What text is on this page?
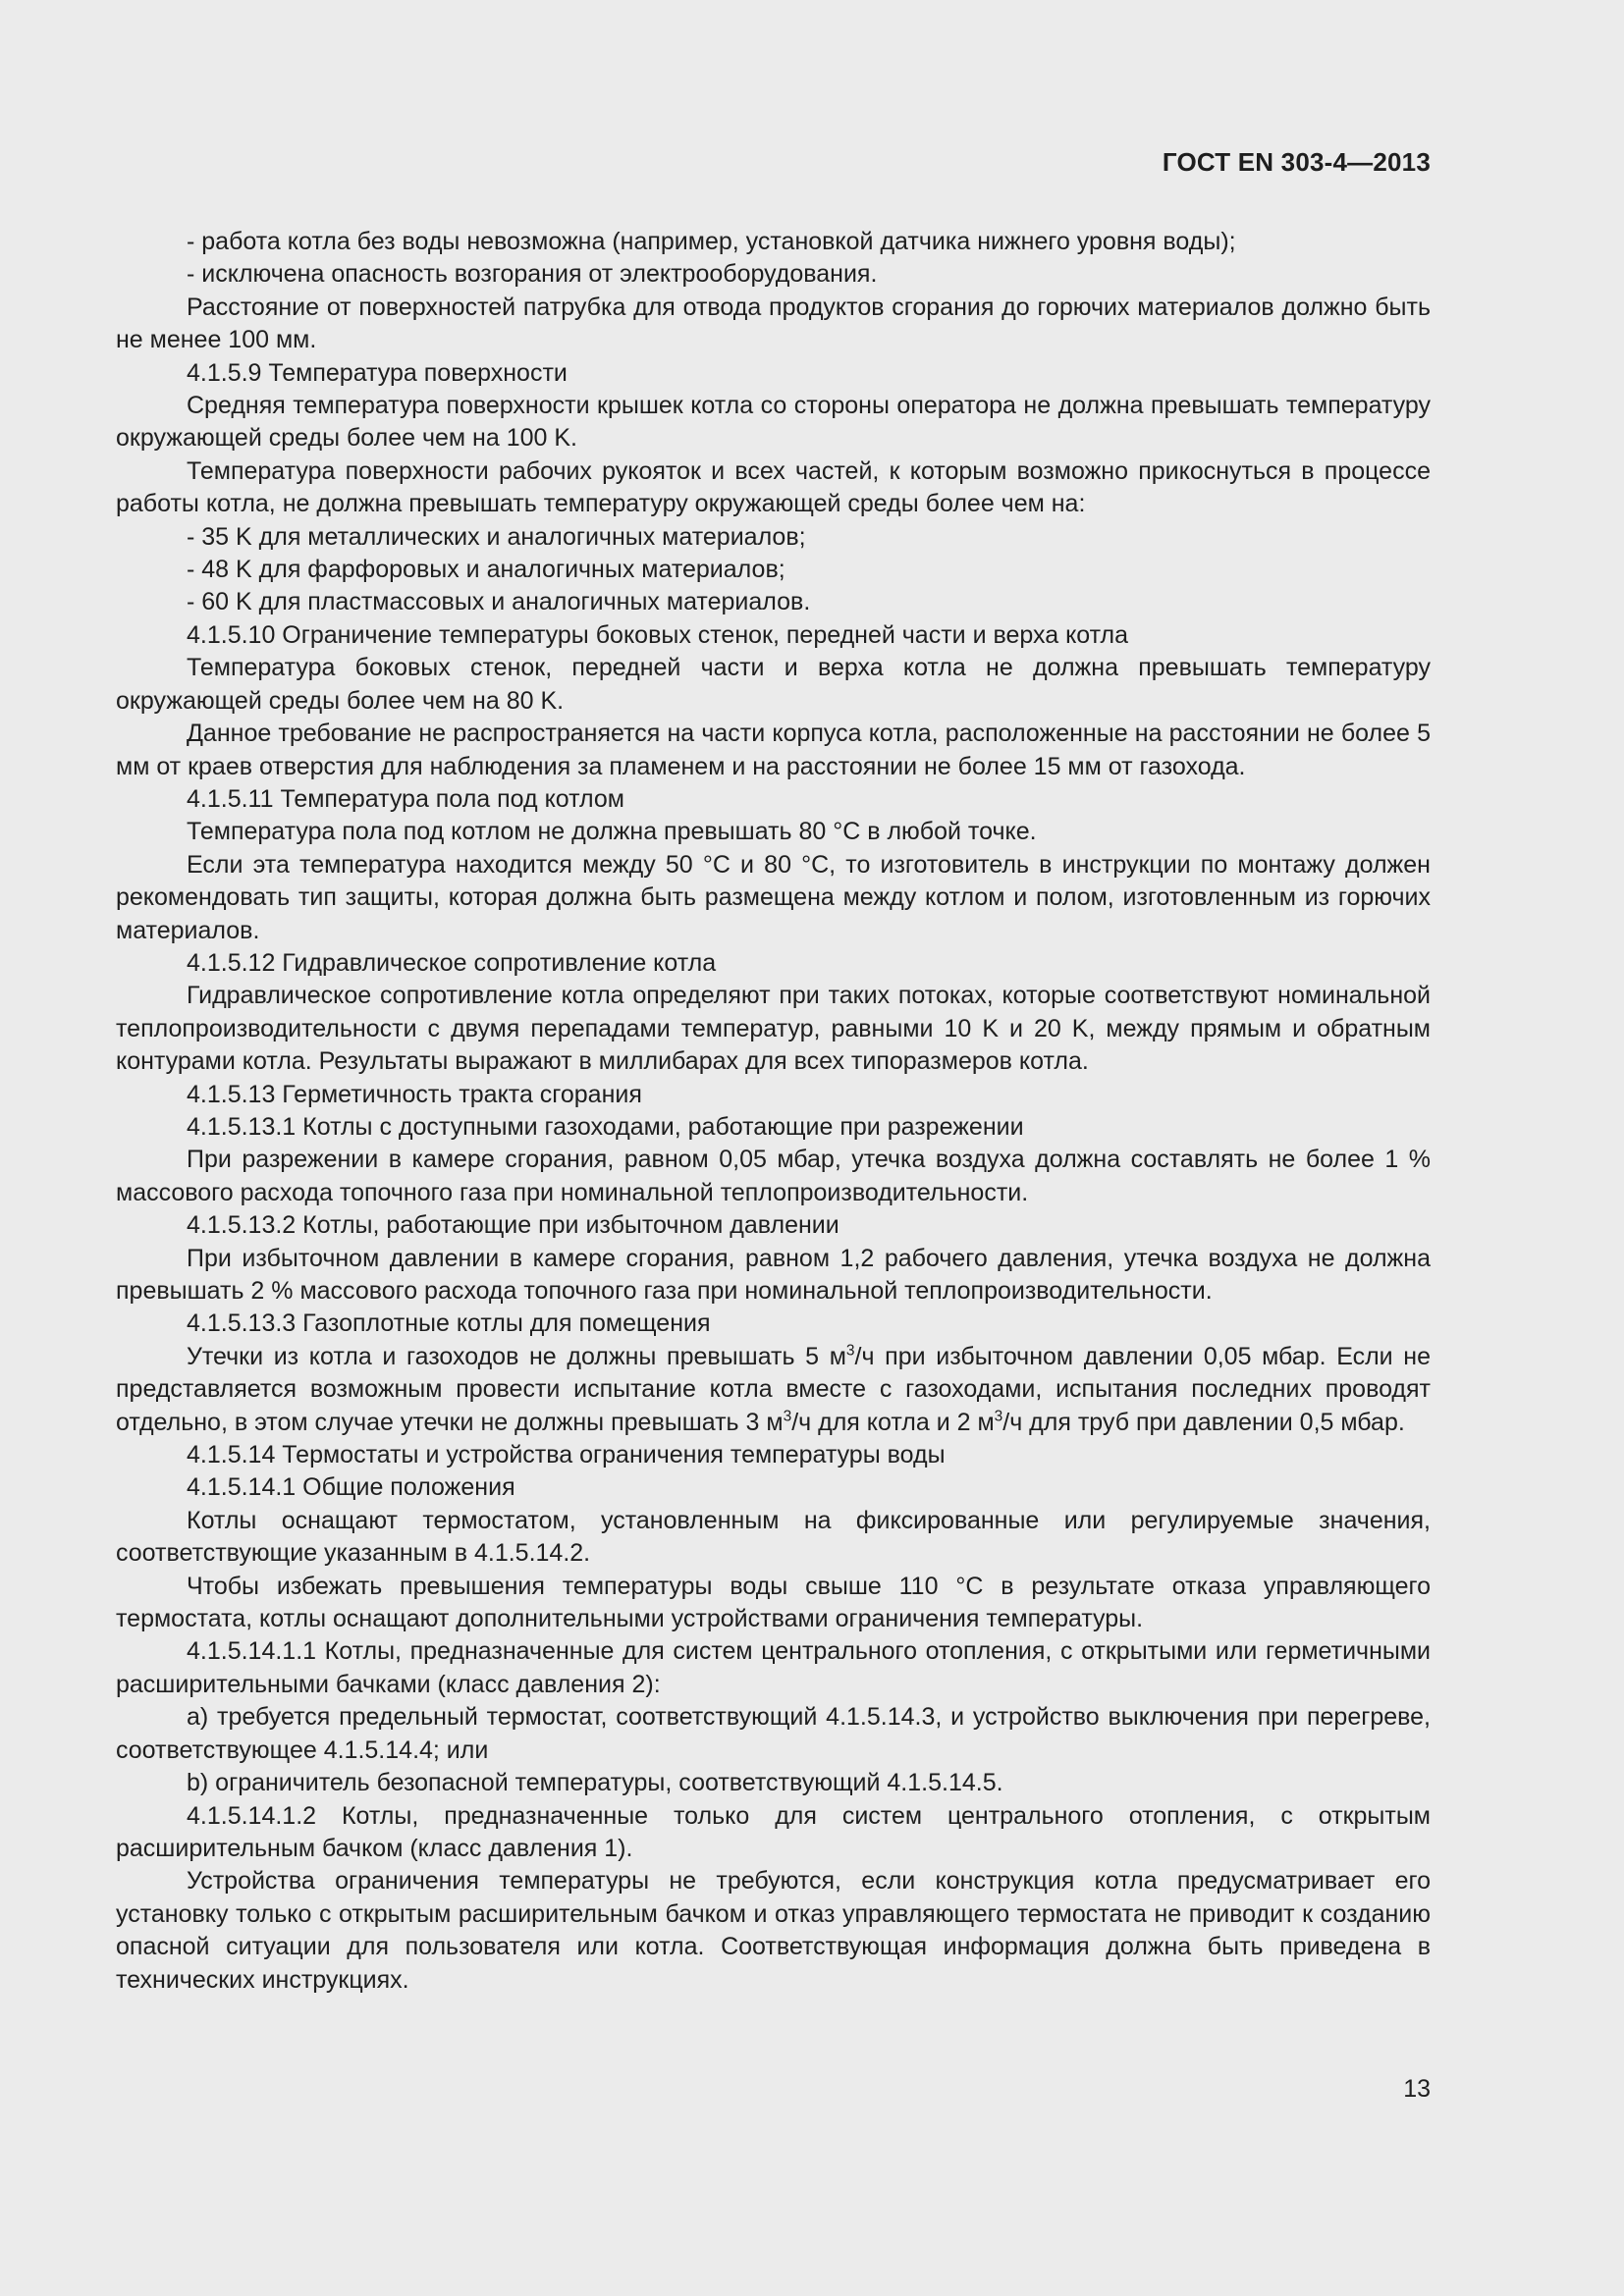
ГОСТ EN 303-4—2013

- работа котла без воды невозможна (например, установкой датчика нижнего уровня воды);

- исключена опасность возгорания от электрооборудования.

Расстояние от поверхностей патрубка для отвода продуктов сгорания до горючих материалов должно быть не менее 100 мм.

4.1.5.9 Температура поверхности

Средняя температура поверхности крышек котла со стороны оператора не должна превышать температуру окружающей среды более чем на 100 K.

Температура поверхности рабочих рукояток и всех частей, к которым возможно прикоснуться в процессе работы котла, не должна превышать температуру окружающей среды более чем на:

- 35 K для металлических и аналогичных материалов;

- 48 K для фарфоровых и аналогичных материалов;

- 60 K для пластмассовых и аналогичных материалов.

4.1.5.10 Ограничение температуры боковых стенок, передней части и верха котла

Температура боковых стенок, передней части и верха котла не должна превышать температуру окружающей среды более чем на 80 K.

Данное требование не распространяется на части корпуса котла, расположенные на расстоянии не более 5 мм от краев отверстия для наблюдения за пламенем и на расстоянии не более 15 мм от газохода.

4.1.5.11 Температура пола под котлом

Температура пола под котлом не должна превышать 80 °С в любой точке.

Если эта температура находится между 50 °С и 80 °С, то изготовитель в инструкции по монтажу должен рекомендовать тип защиты, которая должна быть размещена между котлом и полом, изготовленным из горючих материалов.

4.1.5.12 Гидравлическое сопротивление котла

Гидравлическое сопротивление котла определяют при таких потоках, которые соответствуют номинальной теплопроизводительности с двумя перепадами температур, равными 10 K и 20 K, между прямым и обратным контурами котла. Результаты выражают в миллибарах для всех типоразмеров котла.

4.1.5.13 Герметичность тракта сгорания

4.1.5.13.1 Котлы с доступными газоходами, работающие при разрежении

При разрежении в камере сгорания, равном 0,05 мбар, утечка воздуха должна составлять не более 1 % массового расхода топочного газа при номинальной теплопроизводительности.

4.1.5.13.2 Котлы, работающие при избыточном давлении

При избыточном давлении в камере сгорания, равном 1,2 рабочего давления, утечка воздуха не должна превышать 2 % массового расхода топочного газа при номинальной теплопроизводительности.

4.1.5.13.3 Газоплотные котлы для помещения

Утечки из котла и газоходов не должны превышать 5 $м^3/ч$ при избыточном давлении 0,05 мбар. Если не представляется возможным провести испытание котла вместе с газоходами, испытания последних проводят отдельно, в этом случае утечки не должны превышать 3 $м^3/ч$ для котла и 2 $м^3/ч$ для труб при давлении 0,5 мбар.

4.1.5.14 Термостаты и устройства ограничения температуры воды

4.1.5.14.1 Общие положения

Котлы оснащают термостатом, установленным на фиксированные или регулируемые значения, соответствующие указанным в 4.1.5.14.2.

Чтобы избежать превышения температуры воды свыше 110 °С в результате отказа управляющего термостата, котлы оснащают дополнительными устройствами ограничения температуры.

4.1.5.14.1.1 Котлы, предназначенные для систем центрального отопления, с открытыми или герметичными расширительными бачками (класс давления 2):

a) требуется предельный термостат, соответствующий 4.1.5.14.3, и устройство выключения при перегреве, соответствующее 4.1.5.14.4; или

b) ограничитель безопасной температуры, соответствующий 4.1.5.14.5.

4.1.5.14.1.2 Котлы, предназначенные только для систем центрального отопления, с открытым расширительным бачком (класс давления 1).

Устройства ограничения температуры не требуются, если конструкция котла предусматривает его установку только с открытым расширительным бачком и отказ управляющего термостата не приводит к созданию опасной ситуации для пользователя или котла. Соответствующая информация должна быть приведена в технических инструкциях.

13
